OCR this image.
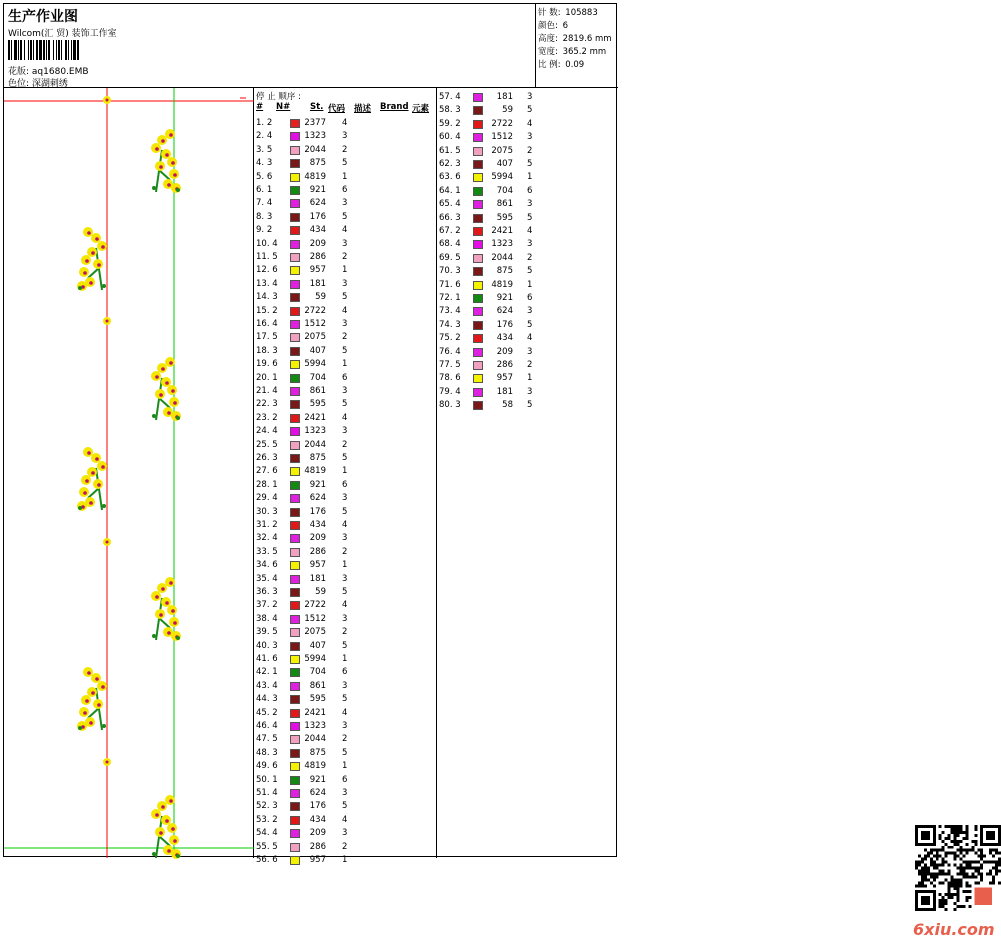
生产作业图
Wilcom(汇 贸) 装饰工作室
花版: aq1680.EMB
色位: 深湖刺绣
针 数: 105883
颜色: 6
高度: 2819.6 mm
宽度: 365.2 mm
比 例: 0.09
停 止 顺序 :
# N# St. 代码 描述 Brand 元素
1. 2	2377 4
2. 4	1323 3
3. 5	2044 2
4. 3	875 5
5. 6	4819 1
6. 1	921 6
7. 4	624 3
8. 3	176 5
9. 2	434 4
10. 4	209 3
11. 5	286 2
12. 6	957 1
13. 4	181 3
14. 3	59 5
15. 2	2722 4
16. 4	1512 3
17. 5	2075 2
18. 3	407 5
19. 6	5994 1
20. 1	704 6
21. 4	861 3
22. 3	595 5
23. 2	2421 4
24. 4	1323 3
25. 5	2044 2
26. 3	875 5
27. 6	4819 1
28. 1	921 6
29. 4	624 3
30. 3	176 5
31. 2	434 4
32. 4	209 3
33. 5	286 2
34. 6	957 1
35. 4	181 3
36. 3	59 5
37. 2	2722 4
38. 4	1512 3
39. 5	2075 2
40. 3	407 5
41. 6	5994 1
42. 1	704 6
43. 4	861 3
44. 3	595 5
45. 2	2421 4
46. 4	1323 3
47. 5	2044 2
48. 3	875 5
49. 6	4819 1
50. 1	921 6
51. 4	624 3
52. 3	176 5
53. 2	434 4
54. 4	209 3
55. 5	286 2
56. 6	957 1
57. 4	181 3
58. 3	59 5
59. 2	2722 4
60. 4	1512 3
61. 5	2075 2
62. 3	407 5
63. 6	5994 1
64. 1	704 6
65. 4	861 3
66. 3	595 5
67. 2	2421 4
68. 4	1323 3
69. 5	2044 2
70. 3	875 5
71. 6	4819 1
72. 1	921 6
73. 4	624 3
74. 3	176 5
75. 2	434 4
76. 4	209 3
77. 5	286 2
78. 6	957 1
79. 4	181 3
80. 3	58 5
6xiu.com
